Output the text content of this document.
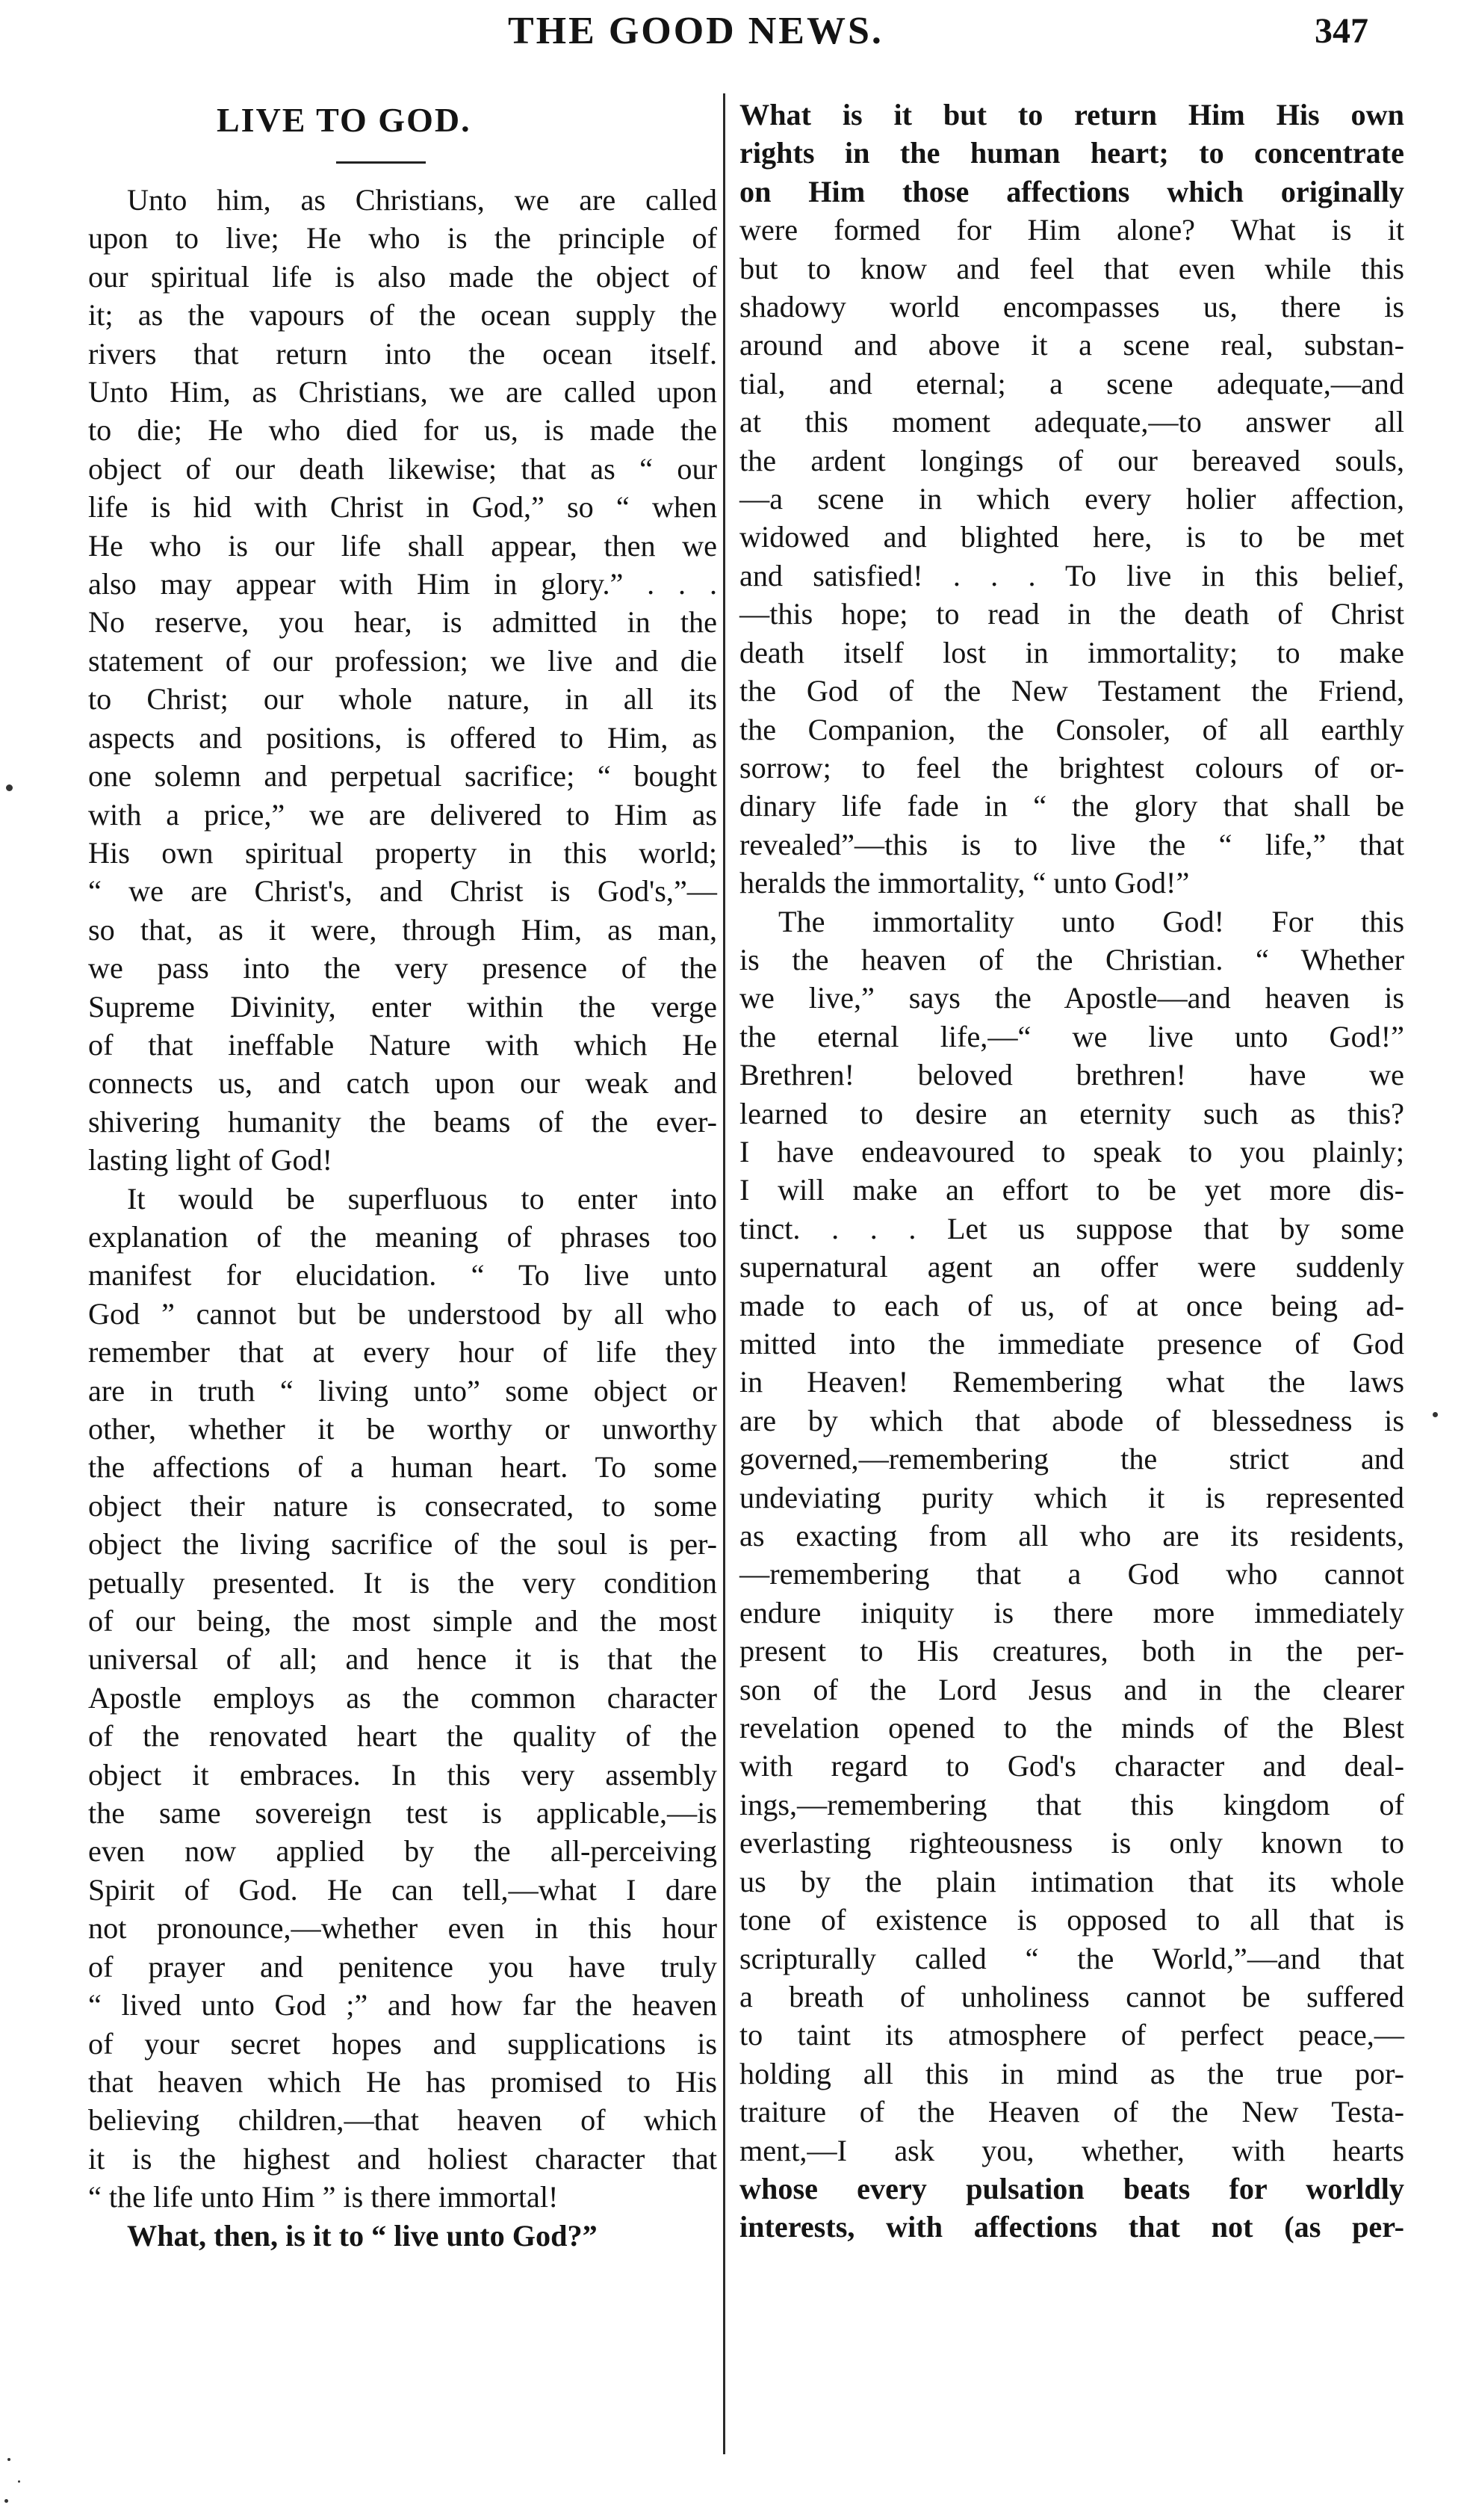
THE GOOD NEWS.	347
LIVE TO GOD.

Unto him, as Christians, we are called
upon to live; He who is the principle of
our spiritual life is also made the object of
it; as the vapours of the ocean supply the
rivers that return into the ocean itself.
Unto Him, as Christians, we are called upon
to die; He who died for us, is made the
object of our death likewise; that as “ our
life is hid with Christ in God,” so “ when
He who is our life shall appear, then we
also may appear with Him in glory.” . . .
No reserve, you hear, is admitted in the
statement of our profession; we live and die
to Christ; our whole nature, in all its
aspects and positions, is offered to Him, as
one solemn and perpetual sacrifice; “ bought
with a price,” we are delivered to Him as
His own spiritual property in this world;
“ we are Christ's, and Christ is God's,”—
so that, as it were, through Him, as man,
we pass into the very presence of the
Supreme Divinity, enter within the verge
of that ineffable Nature with which He
connects us, and catch upon our weak and
shivering humanity the beams of the ever-
lasting light of God!
It would be superfluous to enter into
explanation of the meaning of phrases too
manifest for elucidation. “ To live unto
God ” cannot but be understood by all who
remember that at every hour of life they
are in truth “ living unto” some object or
other, whether it be worthy or unworthy
the affections of a human heart. To some
object their nature is consecrated, to some
object the living sacrifice of the soul is per-
petually presented. It is the very condition
of our being, the most simple and the most
universal of all; and hence it is that the
Apostle employs as the common character
of the renovated heart the quality of the
object it embraces. In this very assembly
the same sovereign test is applicable,—is
even now applied by the all-perceiving
Spirit of God. He can tell,—what I dare
not pronounce,—whether even in this hour
of prayer and penitence you have truly
“ lived unto God ;” and how far the heaven
of your secret hopes and supplications is
that heaven which He has promised to His
believing children,—that heaven of which
it is the highest and holiest character that
“ the life unto Him ” is there immortal!
What, then, is it to “ live unto God?”

What is it but to return Him His own
rights in the human heart; to concentrate
on Him those affections which originally
were formed for Him alone? What is it
but to know and feel that even while this
shadowy world encompasses us, there is
around and above it a scene real, substan-
tial, and eternal; a scene adequate,—and
at this moment adequate,—to answer all
the ardent longings of our bereaved souls,
—a scene in which every holier affection,
widowed and blighted here, is to be met
and satisfied! . . . To live in this belief,
—this hope; to read in the death of Christ
death itself lost in immortality; to make
the God of the New Testament the Friend,
the Companion, the Consoler, of all earthly
sorrow; to feel the brightest colours of or-
dinary life fade in “ the glory that shall be
revealed”—this is to live the “ life,” that
heralds the immortality, “ unto God!”
The immortality unto God! For this
is the heaven of the Christian. “ Whether
we live,” says the Apostle—and heaven is
the eternal life,—“ we live unto God!”
Brethren! beloved brethren! have we
learned to desire an eternity such as this?
I have endeavoured to speak to you plainly;
I will make an effort to be yet more dis-
tinct. . . . Let us suppose that by some
supernatural agent an offer were suddenly
made to each of us, of at once being ad-
mitted into the immediate presence of God
in Heaven! Remembering what the laws
are by which that abode of blessedness is
governed,—remembering the strict and
undeviating purity which it is represented
as exacting from all who are its residents,
—remembering that a God who cannot
endure iniquity is there more immediately
present to His creatures, both in the per-
son of the Lord Jesus and in the clearer
revelation opened to the minds of the Blest
with regard to God's character and deal-
ings,—remembering that this kingdom of
everlasting righteousness is only known to
us by the plain intimation that its whole
tone of existence is opposed to all that is
scripturally called “ the World,”—and that
a breath of unholiness cannot be suffered
to taint its atmosphere of perfect peace,—
holding all this in mind as the true por-
traiture of the Heaven of the New Testa-
ment,—I ask you, whether, with hearts
whose every pulsation beats for worldly
interests, with affections that not (as per-
